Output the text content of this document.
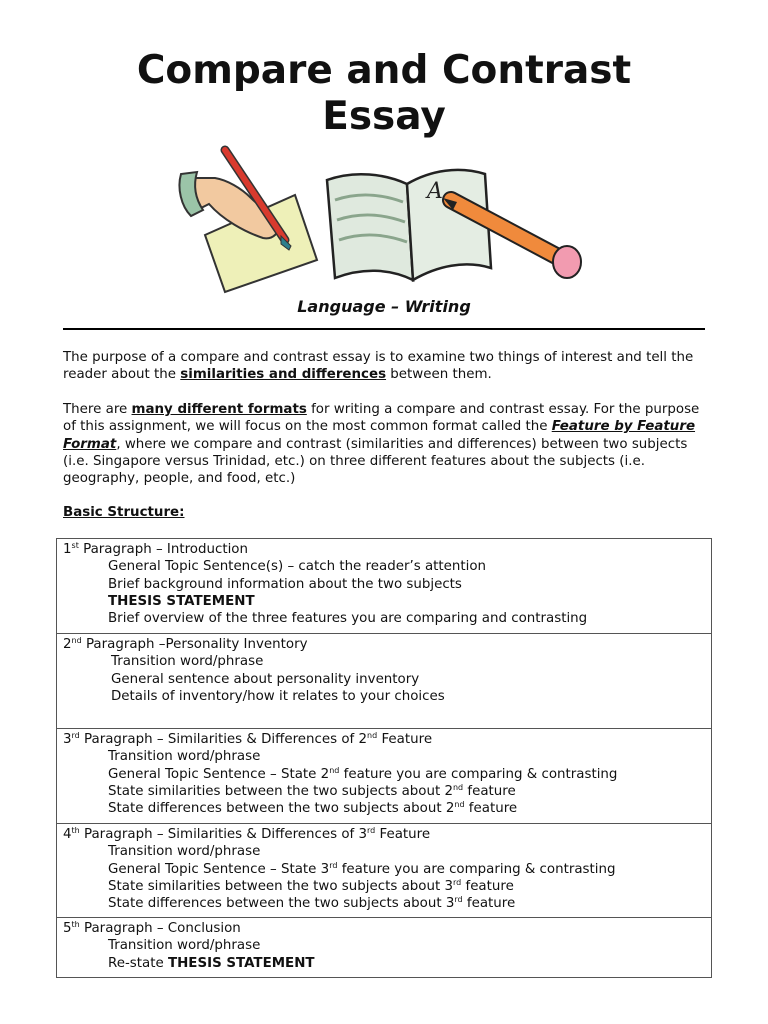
Compare and Contrast
Essay
A
Language – Writing

The purpose of a compare and contrast essay is to examine two things of interest and tell the reader about the similarities and differences between them.

There are many different formats for writing a compare and contrast essay. For the purpose of this assignment, we will focus on the most common format called the Feature by Feature Format, where we compare and contrast (similarities and differences) between two subjects (i.e. Singapore versus Trinidad, etc.) on three different features about the subjects (i.e. geography, people, and food, etc.)

Basic Structure:

1st Paragraph – Introduction
General Topic Sentence(s) – catch the reader’s attention
Brief background information about the two subjects
THESIS STATEMENT
Brief overview of the three features you are comparing and contrasting

2nd Paragraph –Personality Inventory
Transition word/phrase
General sentence about personality inventory
Details of inventory/how it relates to your choices

3rd Paragraph – Similarities & Differences of 2nd Feature
Transition word/phrase
General Topic Sentence – State 2nd feature you are comparing & contrasting
State similarities between the two subjects about 2nd feature
State differences between the two subjects about 2nd feature

4th Paragraph – Similarities & Differences of 3rd Feature
Transition word/phrase
General Topic Sentence – State 3rd feature you are comparing & contrasting
State similarities between the two subjects about 3rd feature
State differences between the two subjects about 3rd feature

5th Paragraph – Conclusion
Transition word/phrase
Re-state THESIS STATEMENT
